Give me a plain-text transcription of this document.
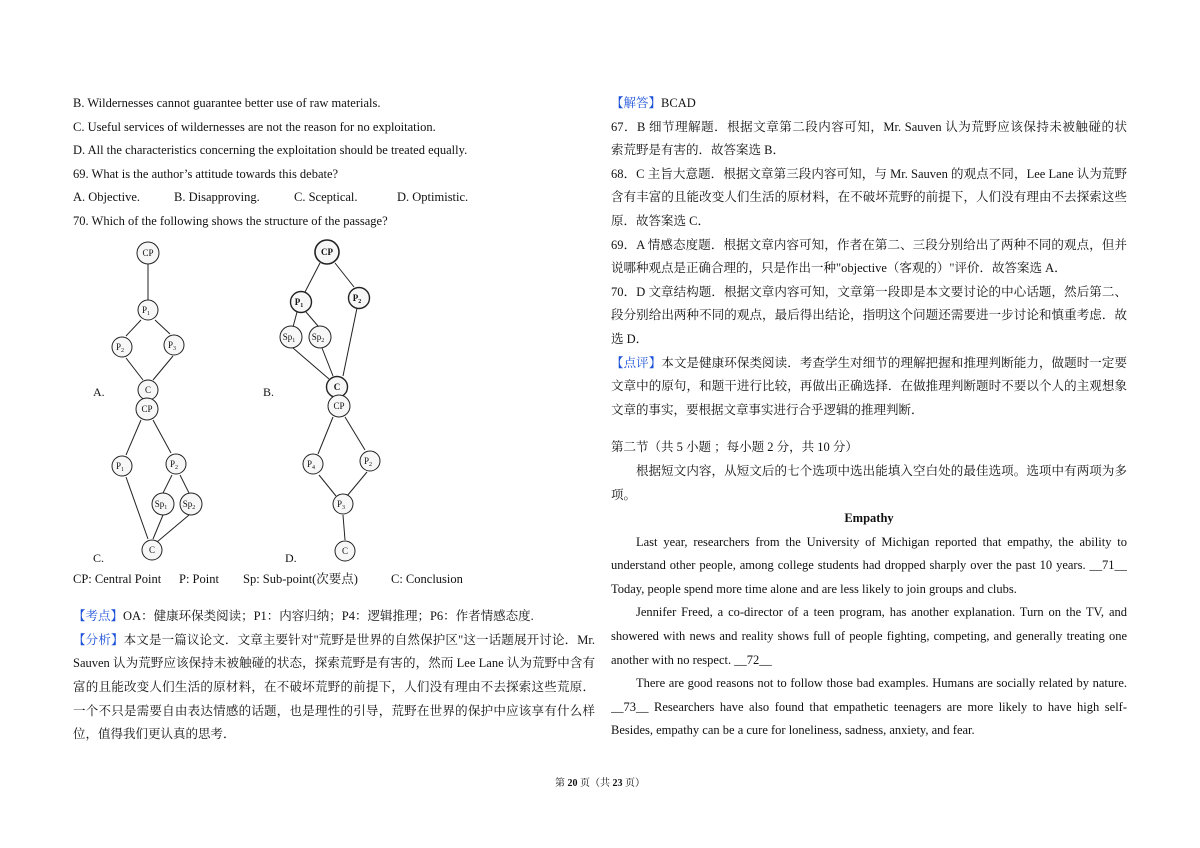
B. Wildernesses cannot guarantee better use of raw materials.
C. Useful services of wildernesses are not the reason for no exploitation.
D. All the characteristics concerning the exploitation should be treated equally.
69. What is the author’s attitude towards this debate?
A. Objective.	B. Disapproving.	C. Sceptical.	D. Optimistic.
70. Which of the following shows the structure of the passage?
CP
$P_1$
$P_2$
$P_3$
C
CP
$P_1$
$P_2$
$Sp_1$ $Sp_2$
C
CP
$P_1$
$P_2$
$Sp_1$ $Sp_2$
C
CP
$P_4$
$P_2$
$P_3$
C
A.	B.
C.	D.
CP: Central Point	P: Point	Sp: Sub-point(次要点)	C: Conclusion
【考点】OA：健康环保类阅读；P1：内容归纳；P4：逻辑推理；P6：作者情感态度.
【分析】本文是一篇议论文．文章主要针对"荒野是世界的自然保护区"这一话题展开讨论．Mr.
Sauven 认为荒野应该保持未被触碰的状态，探索荒野是有害的，然而 Lee Lane 认为荒野中含有
富的且能改变人们生活的原材料，在不破坏荒野的前提下，人们没有理由不去探索这些荒原．
一个不只是需要自由表达情感的话题，也是理性的引导，荒野在世界的保护中应该享有什么样
位，值得我们更认真的思考．
【解答】BCAD
67．B 细节理解题．根据文章第二段内容可知，Mr. Sauven 认为荒野应该保持未被触碰的状
索荒野是有害的．故答案选 B．
68．C 主旨大意题．根据文章第三段内容可知，与 Mr. Sauven 的观点不同，Lee Lane 认为荒野
含有丰富的且能改变人们生活的原材料，在不破坏荒野的前提下，人们没有理由不去探索这些
原．故答案选 C．
69．A 情感态度题．根据文章内容可知，作者在第二、三段分别给出了两种不同的观点，但并
说哪种观点是正确合理的，只是作出一种"objective（客观的）"评价．故答案选 A．
70．D 文章结构题．根据文章内容可知，文章第一段即是本文要讨论的中心话题，然后第二、
段分别给出两种不同的观点，最后得出结论，指明这个问题还需要进一步讨论和慎重考虑．故
选 D．
【点评】本文是健康环保类阅读．考查学生对细节的理解把握和推理判断能力，做题时一定要
文章中的原句，和题干进行比较，再做出正确选择．在做推理判断题时不要以个人的主观想象
文章的事实，要根据文章事实进行合乎逻辑的推理判断．
第二节（共 5 小题 ；每小题 2 分，共 10 分）
根据短文内容，从短文后的七个选项中选出能填入空白处的最佳选项。选项中有两项为多
项。
Empathy
Last year, researchers from the University of Michigan reported that empathy, the ability to
understand other people, among college students had dropped sharply over the past 10 years. __71__
Today, people spend more time alone and are less likely to join groups and clubs.
Jennifer Freed, a co-director of a teen program, has another explanation. Turn on the TV, and
showered with news and reality shows full of people fighting, competing, and generally treating one
another with no respect. __72__
There are good reasons not to follow those bad examples. Humans are socially related by nature.
__73__ Researchers have also found that empathetic teenagers are more likely to have high self-
Besides, empathy can be a cure for loneliness, sadness, anxiety, and fear.
第 20 页（共 23 页）
